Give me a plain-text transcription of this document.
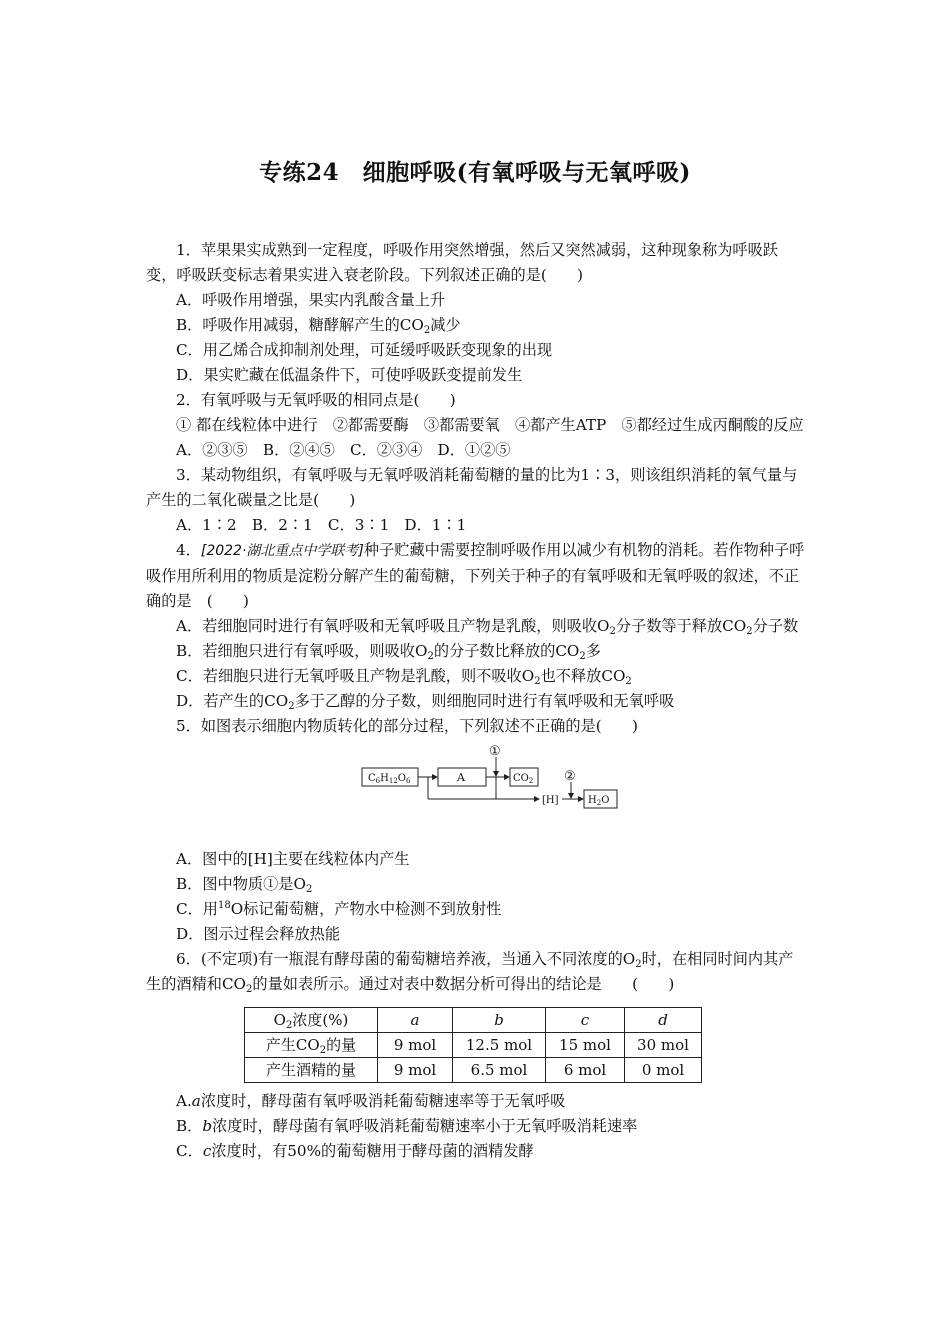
专练24　细胞呼吸(有氧呼吸与无氧呼吸)

1．苹果果实成熟到一定程度，呼吸作用突然增强，然后又突然减弱，这种现象称为呼吸跃变，呼吸跃变标志着果实进入衰老阶段。下列叙述正确的是(　　)

A．呼吸作用增强，果实内乳酸含量上升

B．呼吸作用减弱，糖酵解产生的$CO_2$减少

C．用乙烯合成抑制剂处理，可延缓呼吸跃变现象的出现

D．果实贮藏在低温条件下，可使呼吸跃变提前发生

2．有氧呼吸与无氧呼吸的相同点是(　　)

① 都在线粒体中进行　②都需要酶　③都需要氧　④都产生ATP　⑤都经过生成丙酮酸的反应

A．②③⑤　B．②④⑤　C．②③④　D．①②⑤

3．某动物组织，有氧呼吸与无氧呼吸消耗葡萄糖的量的比为1∶3，则该组织消耗的氧气量与产生的二氧化碳量之比是(　　)

A．1∶2　B．2∶1　C．3∶1　D．1∶1

4．[2022·湖北重点中学联考]种子贮藏中需要控制呼吸作用以减少有机物的消耗。若作物种子呼吸作用所利用的物质是淀粉分解产生的葡萄糖，下列关于种子的有氧呼吸和无氧呼吸的叙述，不正确的是　(　　)

A．若细胞同时进行有氧呼吸和无氧呼吸且产物是乳酸，则吸收$O_2$分子数等于释放$CO_2$分子数

B．若细胞只进行有氧呼吸，则吸收$O_2$的分子数比释放的$CO_2$多

C．若细胞只进行无氧呼吸且产物是乳酸，则不吸收$O_2$也不释放$CO_2$

D．若产生的$CO_2$多于乙醇的分子数，则细胞同时进行有氧呼吸和无氧呼吸

5．如图表示细胞内物质转化的部分过程，下列叙述不正确的是(　　)

$C_6H_{12}O_6$	A	$CO_2$
①
[H]
②
$H_2O$

A．图中的[H]主要在线粒体内产生

B．图中物质①是$O_2$

C．用$^{18}$O标记葡萄糖，产物水中检测不到放射性

D．图示过程会释放热能

6．(不定项)有一瓶混有酵母菌的葡萄糖培养液，当通入不同浓度的$O_2$时，在相同时间内其产生的酒精和$CO_2$的量如表所示。通过对表中数据分析可得出的结论是　　(　　)

$O_2$浓度(%)	a	b	c	d
产生$CO_2$的量	9 mol	12.5 mol	15 mol	30 mol
产生酒精的量	9 mol	6.5 mol	6 mol	0 mol

A.a浓度时，酵母菌有氧呼吸消耗葡萄糖速率等于无氧呼吸

B．b浓度时，酵母菌有氧呼吸消耗葡萄糖速率小于无氧呼吸消耗速率

C．c浓度时，有50%的葡萄糖用于酵母菌的酒精发酵
